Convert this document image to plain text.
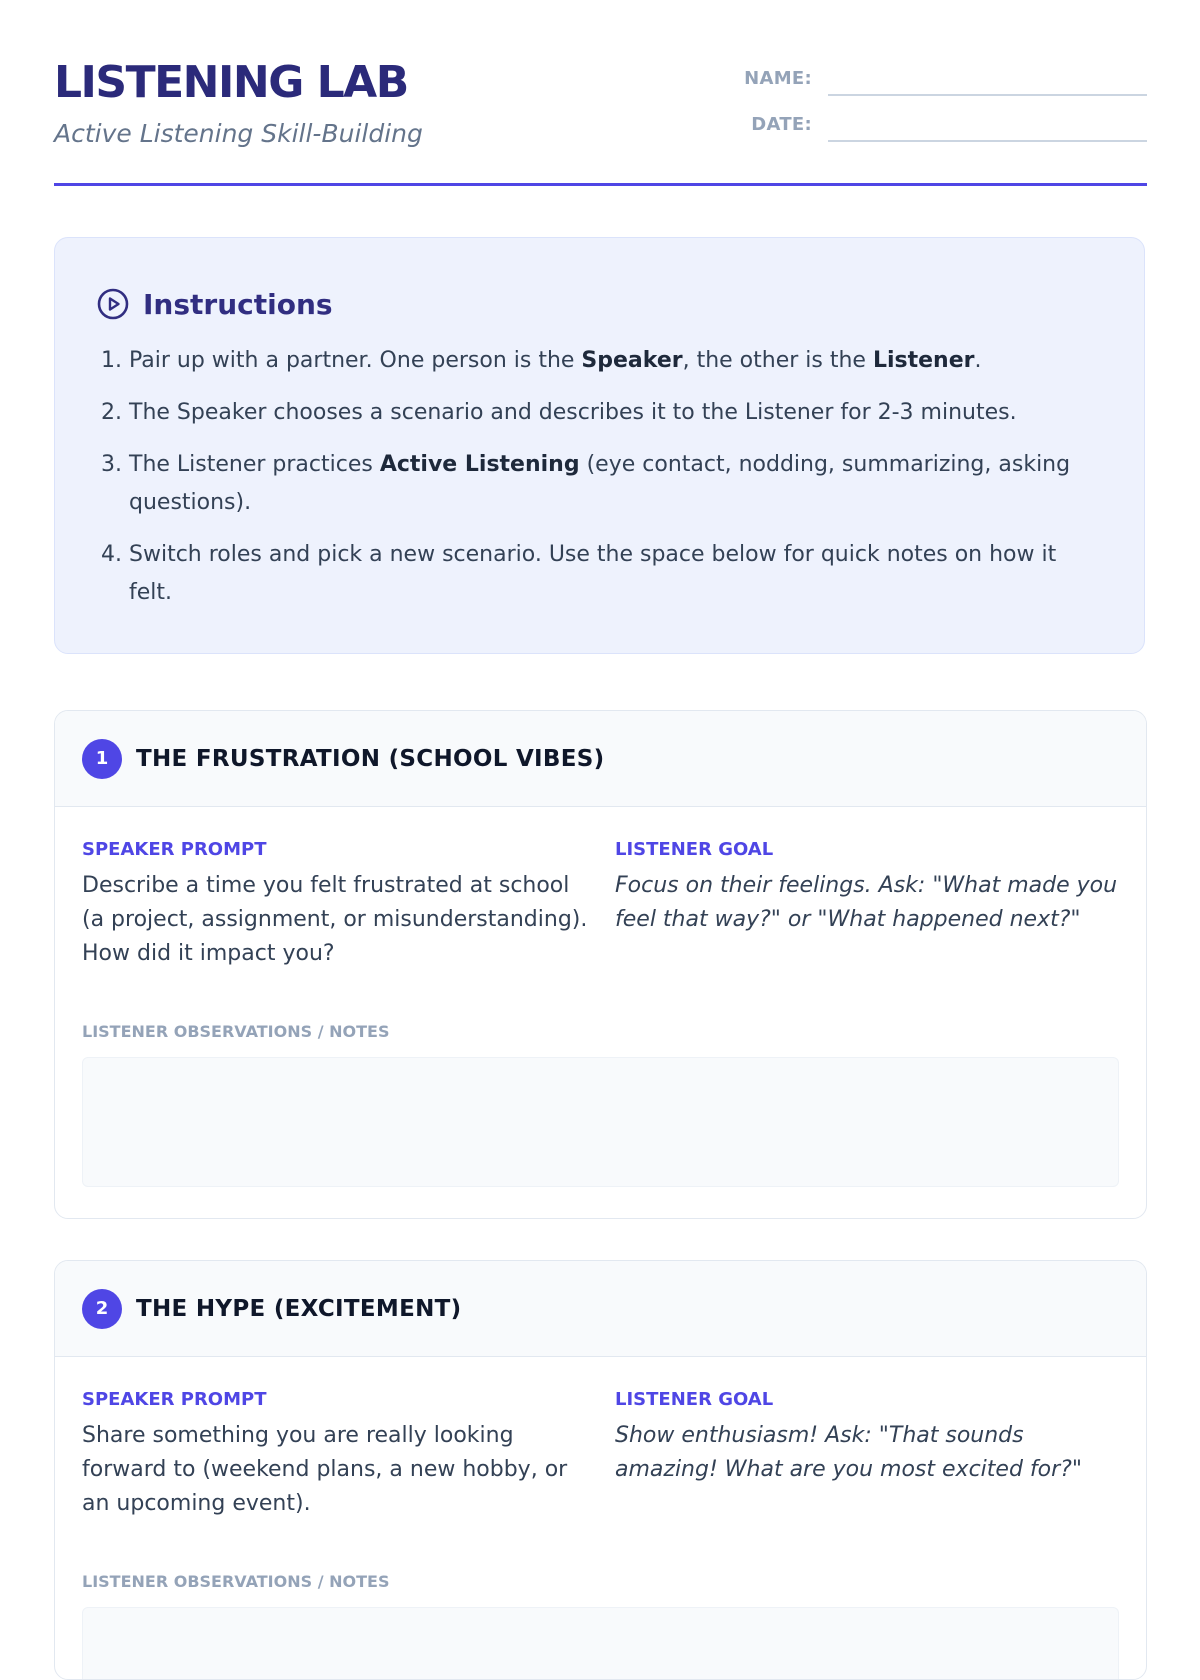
LISTENING LAB
Active Listening Skill-Building
NAME:
DATE:
Instructions
1. Pair up with a partner. One person is the Speaker, the other is the Listener.
2. The Speaker chooses a scenario and describes it to the Listener for 2-3 minutes.
3. The Listener practices Active Listening (eye contact, nodding, summarizing, asking questions).
4. Switch roles and pick a new scenario. Use the space below for quick notes on how it felt.
1	THE FRUSTRATION (SCHOOL VIBES)
SPEAKER PROMPT
Describe a time you felt frustrated at school (a project, assignment, or misunderstanding). How did it impact you?
LISTENER GOAL
Focus on their feelings. Ask: "What made you feel that way?" or "What happened next?"
LISTENER OBSERVATIONS / NOTES
2	THE HYPE (EXCITEMENT)
SPEAKER PROMPT
Share something you are really looking forward to (weekend plans, a new hobby, or an upcoming event).
LISTENER GOAL
Show enthusiasm! Ask: "That sounds amazing! What are you most excited for?"
LISTENER OBSERVATIONS / NOTES
